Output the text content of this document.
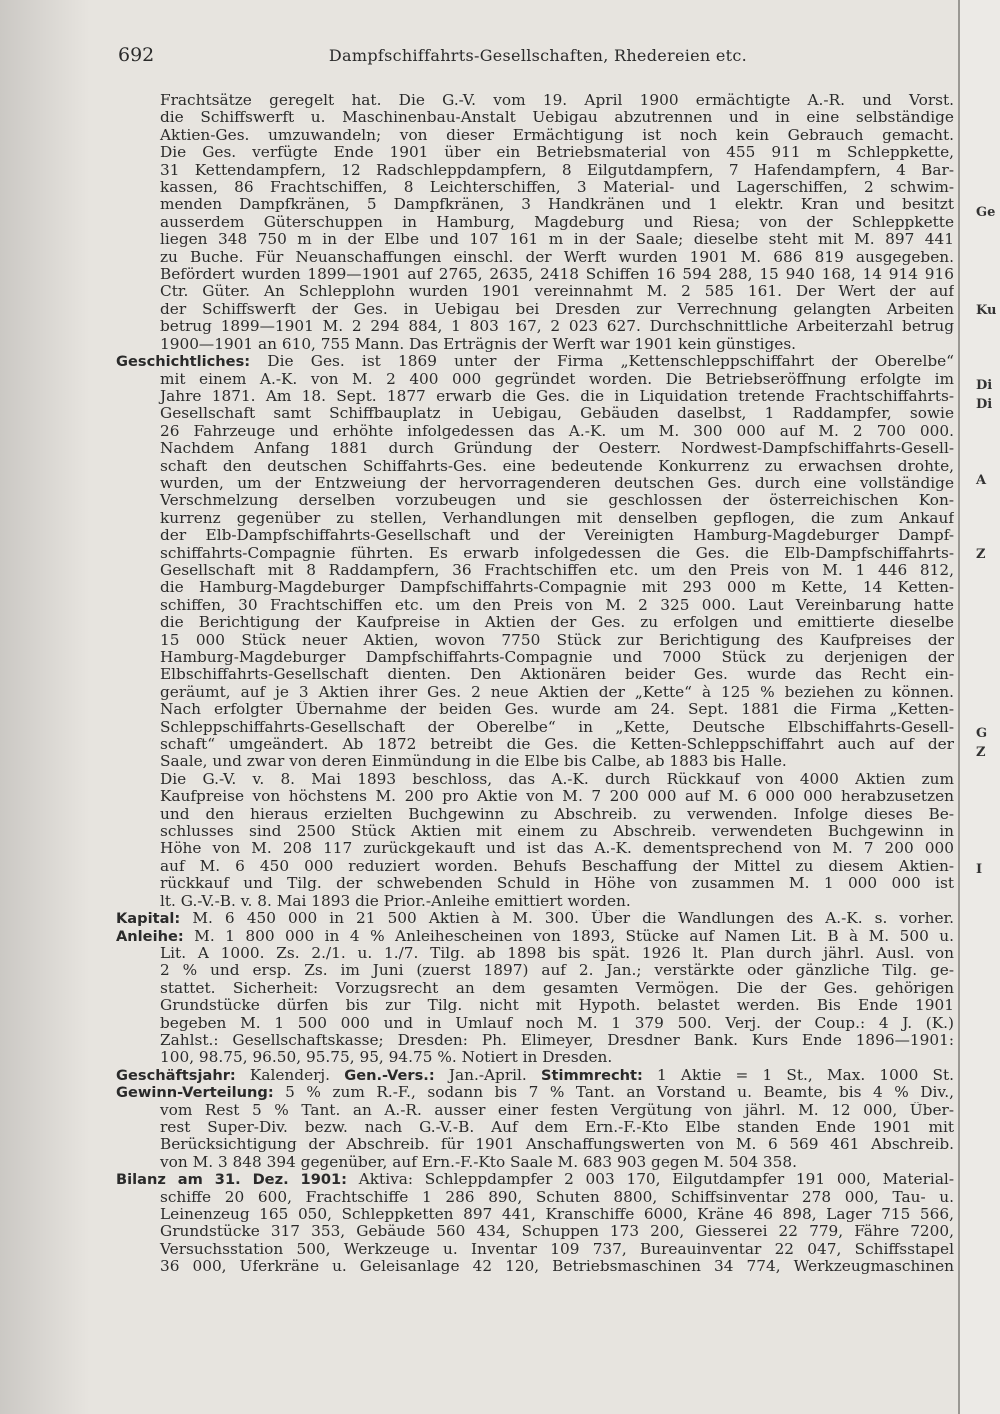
Ge
Ku
Di
Di
A
Z
G
Z
I
692	Dampfschiffahrts-Gesellschaften, Rhedereien etc.
Frachtsätze geregelt hat. Die G.-V. vom 19. April 1900 ermächtigte A.-R. und Vorst.
die Schiffswerft u. Maschinenbau-Anstalt Uebigau abzutrennen und in eine selbständige
Aktien-Ges. umzuwandeln; von dieser Ermächtigung ist noch kein Gebrauch gemacht.
Die Ges. verfügte Ende 1901 über ein Betriebsmaterial von 455 911 m Schleppkette,
31 Kettendampfern, 12 Radschleppdampfern, 8 Eilgutdampfern, 7 Hafendampfern, 4 Bar-
kassen, 86 Frachtschiffen, 8 Leichterschiffen, 3 Material- und Lagerschiffen, 2 schwim-
menden Dampfkränen, 5 Dampfkränen, 3 Handkränen und 1 elektr. Kran und besitzt
ausserdem Güterschuppen in Hamburg, Magdeburg und Riesa; von der Schleppkette
liegen 348 750 m in der Elbe und 107 161 m in der Saale; dieselbe steht mit M. 897 441
zu Buche. Für Neuanschaffungen einschl. der Werft wurden 1901 M. 686 819 ausgegeben.
Befördert wurden 1899—1901 auf 2765, 2635, 2418 Schiffen 16 594 288, 15 940 168, 14 914 916
Ctr. Güter. An Schlepplohn wurden 1901 vereinnahmt M. 2 585 161. Der Wert der auf
der Schiffswerft der Ges. in Uebigau bei Dresden zur Verrechnung gelangten Arbeiten
betrug 1899—1901 M. 2 294 884, 1 803 167, 2 023 627. Durchschnittliche Arbeiterzahl betrug
1900—1901 an 610, 755 Mann. Das Erträgnis der Werft war 1901 kein günstiges.
Geschichtliches: Die Ges. ist 1869 unter der Firma „Kettenschleppschiffahrt der Oberelbe“
mit einem A.-K. von M. 2 400 000 gegründet worden. Die Betriebseröffnung erfolgte im
Jahre 1871. Am 18. Sept. 1877 erwarb die Ges. die in Liquidation tretende Frachtschiffahrts-
Gesellschaft samt Schiffbauplatz in Uebigau, Gebäuden daselbst, 1 Raddampfer, sowie
26 Fahrzeuge und erhöhte infolgedessen das A.-K. um M. 300 000 auf M. 2 700 000.
Nachdem Anfang 1881 durch Gründung der Oesterr. Nordwest-Dampfschiffahrts-Gesell-
schaft den deutschen Schiffahrts-Ges. eine bedeutende Konkurrenz zu erwachsen drohte,
wurden, um der Entzweiung der hervorragenderen deutschen Ges. durch eine vollständige
Verschmelzung derselben vorzubeugen und sie geschlossen der österreichischen Kon-
kurrenz gegenüber zu stellen, Verhandlungen mit denselben gepflogen, die zum Ankauf
der Elb-Dampfschiffahrts-Gesellschaft und der Vereinigten Hamburg-Magdeburger Dampf-
schiffahrts-Compagnie führten. Es erwarb infolgedessen die Ges. die Elb-Dampfschiffahrts-
Gesellschaft mit 8 Raddampfern, 36 Frachtschiffen etc. um den Preis von M. 1 446 812,
die Hamburg-Magdeburger Dampfschiffahrts-Compagnie mit 293 000 m Kette, 14 Ketten-
schiffen, 30 Frachtschiffen etc. um den Preis von M. 2 325 000. Laut Vereinbarung hatte
die Berichtigung der Kaufpreise in Aktien der Ges. zu erfolgen und emittierte dieselbe
15 000 Stück neuer Aktien, wovon 7750 Stück zur Berichtigung des Kaufpreises der
Hamburg-Magdeburger Dampfschiffahrts-Compagnie und 7000 Stück zu derjenigen der
Elbschiffahrts-Gesellschaft dienten. Den Aktionären beider Ges. wurde das Recht ein-
geräumt, auf je 3 Aktien ihrer Ges. 2 neue Aktien der „Kette“ à 125 % beziehen zu können.
Nach erfolgter Übernahme der beiden Ges. wurde am 24. Sept. 1881 die Firma „Ketten-
Schleppschiffahrts-Gesellschaft der Oberelbe“ in „Kette, Deutsche Elbschiffahrts-Gesell-
schaft“ umgeändert. Ab 1872 betreibt die Ges. die Ketten-Schleppschiffahrt auch auf der
Saale, und zwar von deren Einmündung in die Elbe bis Calbe, ab 1883 bis Halle.
Die G.-V. v. 8. Mai 1893 beschloss, das A.-K. durch Rückkauf von 4000 Aktien zum
Kaufpreise von höchstens M. 200 pro Aktie von M. 7 200 000 auf M. 6 000 000 herabzusetzen
und den hieraus erzielten Buchgewinn zu Abschreib. zu verwenden. Infolge dieses Be-
schlusses sind 2500 Stück Aktien mit einem zu Abschreib. verwendeten Buchgewinn in
Höhe von M. 208 117 zurückgekauft und ist das A.-K. dementsprechend von M. 7 200 000
auf M. 6 450 000 reduziert worden. Behufs Beschaffung der Mittel zu diesem Aktien-
rückkauf und Tilg. der schwebenden Schuld in Höhe von zusammen M. 1 000 000 ist
lt. G.-V.-B. v. 8. Mai 1893 die Prior.-Anleihe emittiert worden.
Kapital: M. 6 450 000 in 21 500 Aktien à M. 300. Über die Wandlungen des A.-K. s. vorher.
Anleihe: M. 1 800 000 in 4 % Anleihescheinen von 1893, Stücke auf Namen Lit. B à M. 500 u.
Lit. A 1000. Zs. 2./1. u. 1./7. Tilg. ab 1898 bis spät. 1926 lt. Plan durch jährl. Ausl. von
2 % und ersp. Zs. im Juni (zuerst 1897) auf 2. Jan.; verstärkte oder gänzliche Tilg. ge-
stattet. Sicherheit: Vorzugsrecht an dem gesamten Vermögen. Die der Ges. gehörigen
Grundstücke dürfen bis zur Tilg. nicht mit Hypoth. belastet werden. Bis Ende 1901
begeben M. 1 500 000 und in Umlauf noch M. 1 379 500. Verj. der Coup.: 4 J. (K.)
Zahlst.: Gesellschaftskasse; Dresden: Ph. Elimeyer, Dresdner Bank. Kurs Ende 1896—1901:
100, 98.75, 96.50, 95.75, 95, 94.75 %. Notiert in Dresden.
Geschäftsjahr: Kalenderj. Gen.-Vers.: Jan.-April. Stimmrecht: 1 Aktie = 1 St., Max. 1000 St.
Gewinn-Verteilung: 5 % zum R.-F., sodann bis 7 % Tant. an Vorstand u. Beamte, bis 4 % Div.,
vom Rest 5 % Tant. an A.-R. ausser einer festen Vergütung von jährl. M. 12 000, Über-
rest Super-Div. bezw. nach G.-V.-B. Auf dem Ern.-F.-Kto Elbe standen Ende 1901 mit
Berücksichtigung der Abschreib. für 1901 Anschaffungswerten von M. 6 569 461 Abschreib.
von M. 3 848 394 gegenüber, auf Ern.-F.-Kto Saale M. 683 903 gegen M. 504 358.
Bilanz am 31. Dez. 1901: Aktiva: Schleppdampfer 2 003 170, Eilgutdampfer 191 000, Material-
schiffe 20 600, Frachtschiffe 1 286 890, Schuten 8800, Schiffsinventar 278 000, Tau- u.
Leinenzeug 165 050, Schleppketten 897 441, Kranschiffe 6000, Kräne 46 898, Lager 715 566,
Grundstücke 317 353, Gebäude 560 434, Schuppen 173 200, Giesserei 22 779, Fähre 7200,
Versuchsstation 500, Werkzeuge u. Inventar 109 737, Bureauinventar 22 047, Schiffsstapel
36 000, Uferkräne u. Geleisanlage 42 120, Betriebsmaschinen 34 774, Werkzeugmaschinen
